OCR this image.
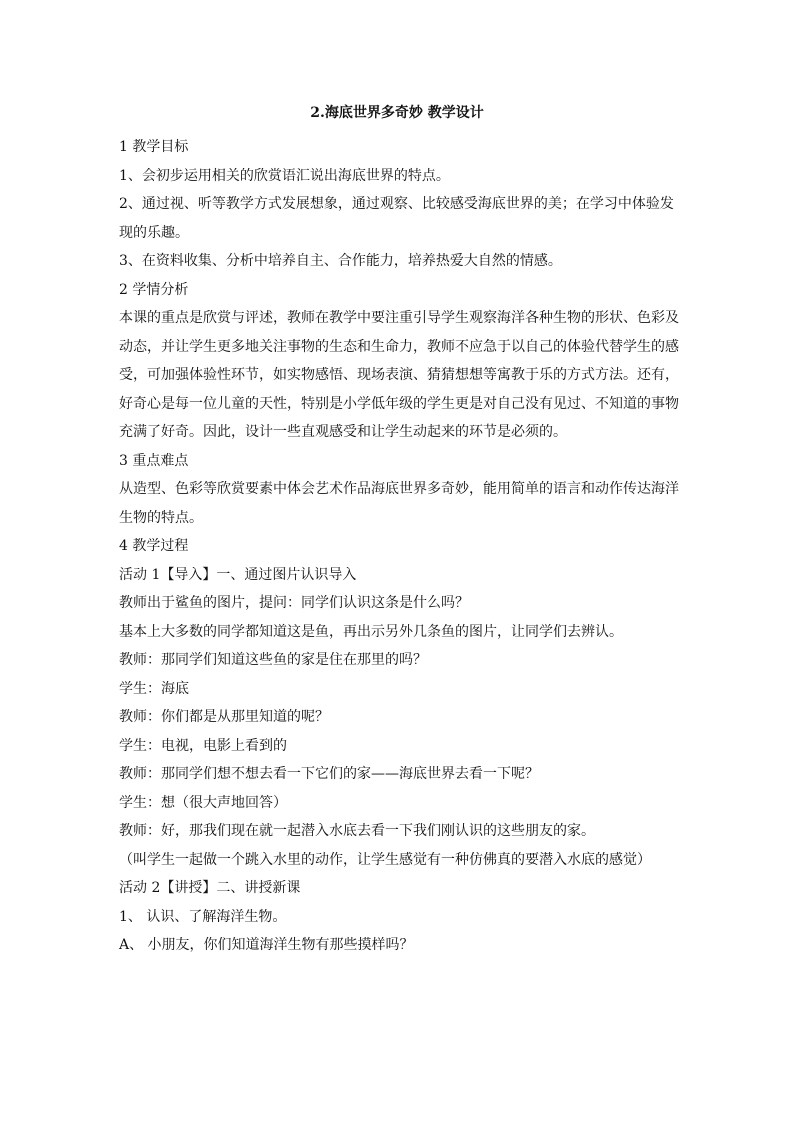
2.海底世界多奇妙 教学设计
1 教学目标
1、会初步运用相关的欣赏语汇说出海底世界的特点。
2、通过视、听等教学方式发展想象，通过观察、比较感受海底世界的美；在学习中体验发
现的乐趣。
3、在资料收集、分析中培养自主、合作能力，培养热爱大自然的情感。
2 学情分析
本课的重点是欣赏与评述，教师在教学中要注重引导学生观察海洋各种生物的形状、色彩及
动态，并让学生更多地关注事物的生态和生命力，教师不应急于以自己的体验代替学生的感
受，可加强体验性环节，如实物感悟、现场表演、猜猜想想等寓教于乐的方式方法。还有，
好奇心是每一位儿童的天性，特别是小学低年级的学生更是对自己没有见过、不知道的事物
充满了好奇。因此，设计一些直观感受和让学生动起来的环节是必须的。
3 重点难点
从造型、色彩等欣赏要素中体会艺术作品海底世界多奇妙，能用简单的语言和动作传达海洋
生物的特点。
4 教学过程
活动 1【导入】一、通过图片认识导入
教师出于鲨鱼的图片，提问：同学们认识这条是什么吗？
基本上大多数的同学都知道这是鱼，再出示另外几条鱼的图片，让同学们去辨认。
教师：那同学们知道这些鱼的家是住在那里的吗？
学生：海底
教师：你们都是从那里知道的呢？
学生：电视，电影上看到的
教师：那同学们想不想去看一下它们的家——海底世界去看一下呢？
学生：想（很大声地回答）
教师：好，那我们现在就一起潜入水底去看一下我们刚认识的这些朋友的家。
（叫学生一起做一个跳入水里的动作，让学生感觉有一种仿佛真的要潜入水底的感觉）
活动 2【讲授】二、讲授新课
1、 认识、了解海洋生物。
A、 小朋友，你们知道海洋生物有那些摸样吗？
